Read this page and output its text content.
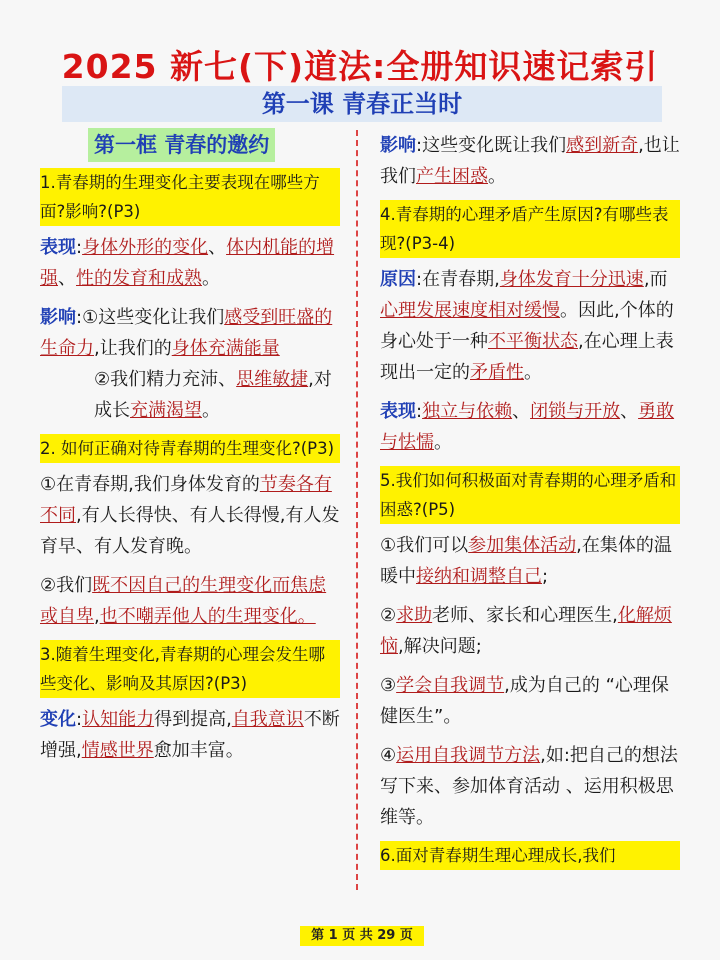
2025 新七(下)道法:全册知识速记索引
第一课 青春正当时
第一框 青春的邀约

1.青春期的生理变化主要表现在哪些方面?影响?(P3)

表现:身体外形的变化、体内机能的增强、性的发育和成熟。

影响:①这些变化让我们感受到旺盛的生命力,让我们的身体充满能量

②我们精力充沛、思维敏捷,对成长充满渴望。

2. 如何正确对待青春期的生理变化?(P3)

①在青春期,我们身体发育的节奏各有不同,有人长得快、有人长得慢,有人发育早、有人发育晚。

②我们既不因自己的生理变化而焦虑或自卑,也不嘲弄他人的生理变化。

3.随着生理变化,青春期的心理会发生哪些变化、影响及其原因?(P3)

变化:认知能力得到提高,自我意识不断增强,情感世界愈加丰富。

影响:这些变化既让我们感到新奇,也让我们产生困惑。

4.青春期的心理矛盾产生原因?有哪些表现?(P3-4)

原因:在青春期,身体发育十分迅速,而心理发展速度相对缓慢。因此,个体的身心处于一种不平衡状态,在心理上表现出一定的矛盾性。

表现:独立与依赖、闭锁与开放、勇敢与怯懦。

5.我们如何积极面对青春期的心理矛盾和困惑?(P5)

①我们可以参加集体活动,在集体的温暖中接纳和调整自己;

②求助老师、家长和心理医生,化解烦恼,解决问题;

③学会自我调节,成为自己的 “心理保健医生”。

④运用自我调节方法,如:把自己的想法写下来、参加体育活动 、运用积极思维等。

6.面对青春期生理心理成长,我们

第 1 页 共 29 页
